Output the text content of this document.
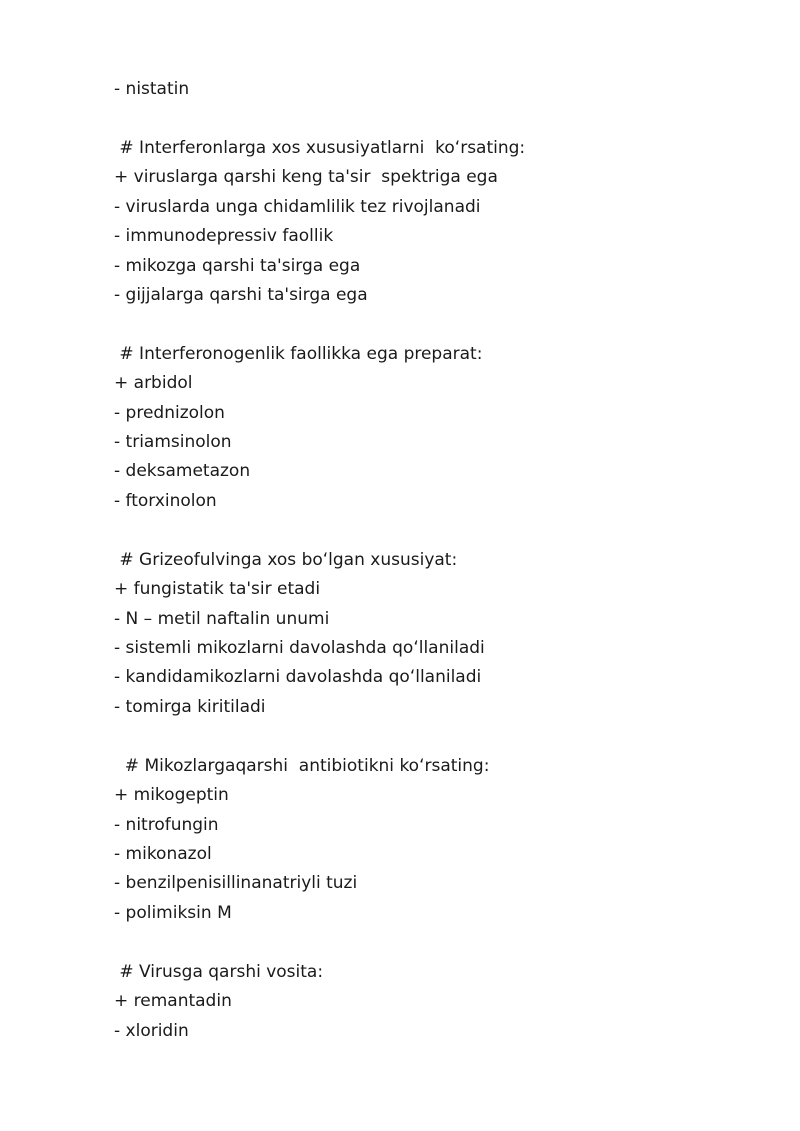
- nistatin
# Interferonlarga xos xususiyatlarni  koʻrsating:
+ viruslarga qarshi keng ta'sir  spektriga ega
- viruslarda unga chidamlilik tez rivojlanadi
- immunodepressiv faollik
- mikozga qarshi ta'sirga ega
- gijjalarga qarshi ta'sirga ega
# Interferonogenlik faollikka ega preparat:
+ arbidol
- prednizolon
- triamsinolon
- deksametazon
- ftorxinolon
# Grizeofulvinga xos boʻlgan xususiyat:
+ fungistatik ta'sir etadi
- N – metil naftalin unumi
- sistemli mikozlarni davolashda qoʻllaniladi
- kandidamikozlarni davolashda qoʻllaniladi
- tomirga kiritiladi
# Mikozlargaqarshi  antibiotikni koʻrsating:
+ mikogeptin
- nitrofungin
- mikonazol
- benzilpenisillinanatriyli tuzi
- polimiksin M
# Virusga qarshi vosita:
+ remantadin
- xloridin
